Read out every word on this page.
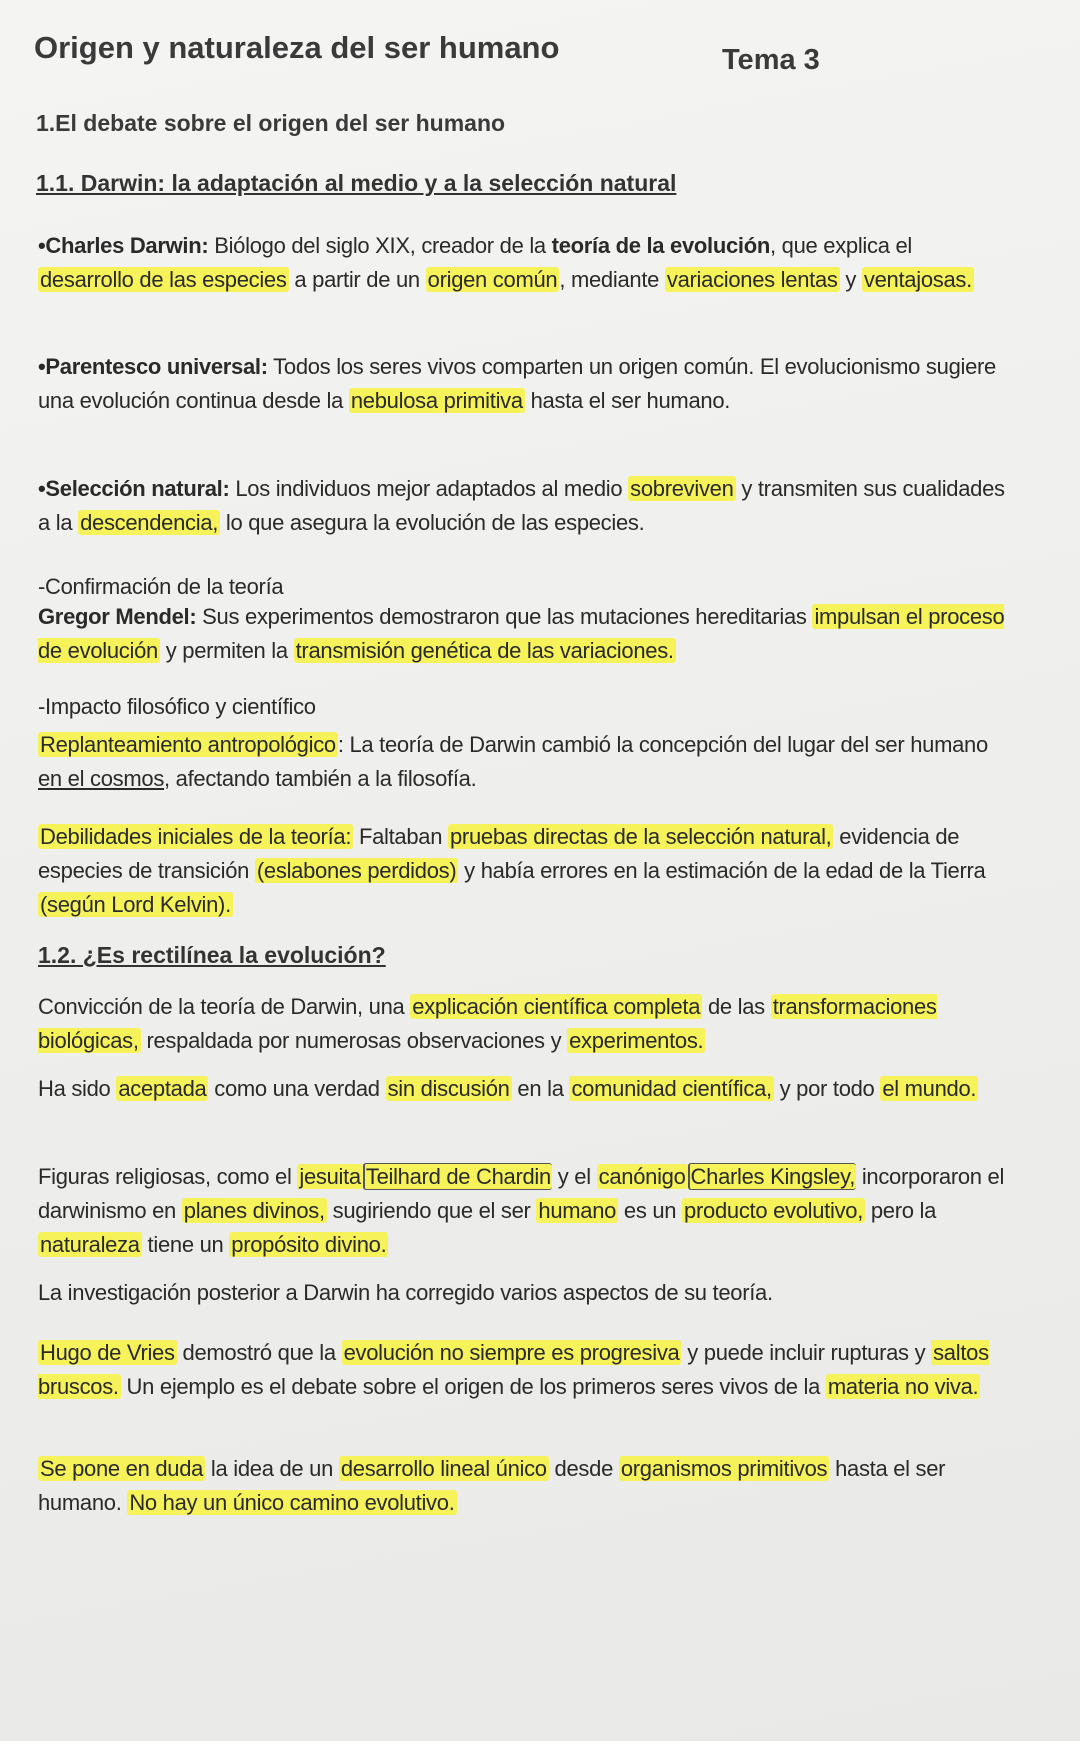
Origen y naturaleza del ser humano	Tema 3
1.El debate sobre el origen del ser humano
1.1. Darwin: la adaptación al medio y a la selección natural
1.2. ¿Es rectilínea la evolución?
•Charles Darwin: Biólogo del siglo XIX, creador de la teoría de la evolución, que explica el desarrollo de las especies a partir de un origen común, mediante variaciones lentas y ventajosas.
•Parentesco universal: Todos los seres vivos comparten un origen común. El evolucionismo sugiere una evolución continua desde la nebulosa primitiva hasta el ser humano.
•Selección natural: Los individuos mejor adaptados al medio sobreviven y transmiten sus cualidades a la descendencia, lo que asegura la evolución de las especies.
-Confirmación de la teoría
Gregor Mendel: Sus experimentos demostraron que las mutaciones hereditarias impulsan el proceso de evolución y permiten la transmisión genética de las variaciones.
-Impacto filosófico y científico
Replanteamiento antropológico: La teoría de Darwin cambió la concepción del lugar del ser humano en el cosmos, afectando también a la filosofía.
Debilidades iniciales de la teoría: Faltaban pruebas directas de la selección natural, evidencia de especies de transición (eslabones perdidos) y había errores en la estimación de la edad de la Tierra (según Lord Kelvin).
Convicción de la teoría de Darwin, una explicación científica completa de las transformaciones biológicas, respaldada por numerosas observaciones y experimentos.
Ha sido aceptada como una verdad sin discusión en la comunidad científica, y por todo el mundo.
Figuras religiosas, como el jesuita Teilhard de Chardin y el canónigo Charles Kingsley, incorporaron el darwinismo en planes divinos, sugiriendo que el ser humano es un producto evolutivo, pero la naturaleza tiene un propósito divino.
La investigación posterior a Darwin ha corregido varios aspectos de su teoría.
Hugo de Vries demostró que la evolución no siempre es progresiva y puede incluir rupturas y saltos bruscos. Un ejemplo es el debate sobre el origen de los primeros seres vivos de la materia no viva.
Se pone en duda la idea de un desarrollo lineal único desde organismos primitivos hasta el ser humano. No hay un único camino evolutivo.
